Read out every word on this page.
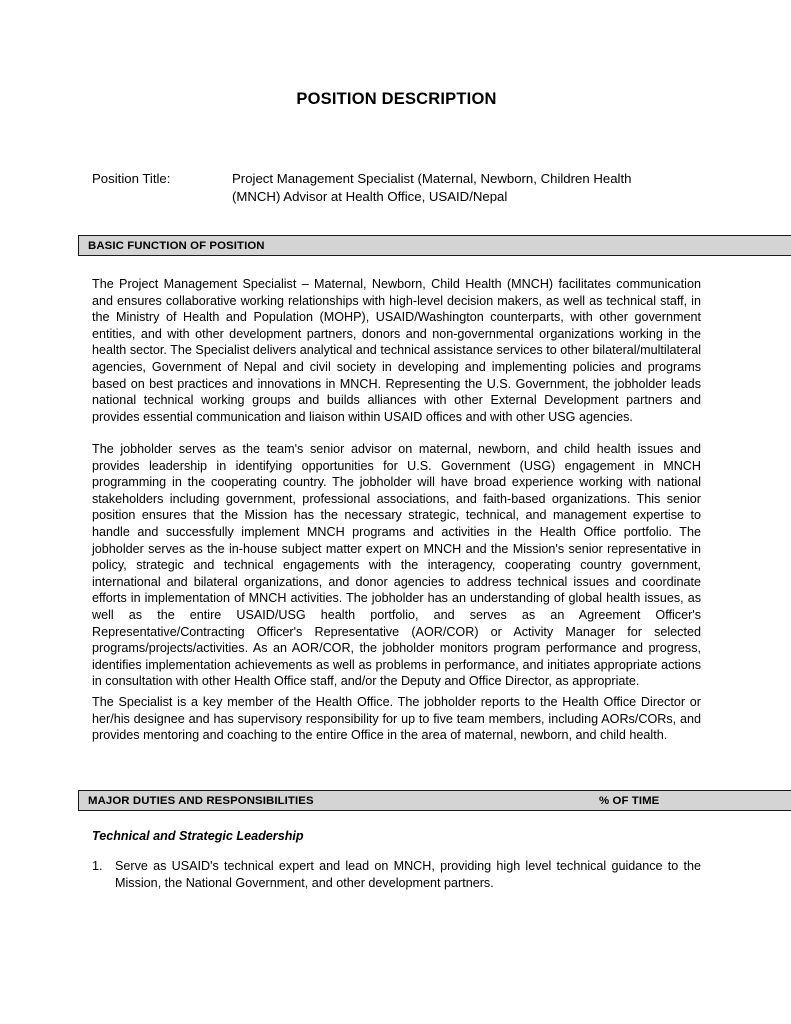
POSITION DESCRIPTION
Position Title:	Project Management Specialist (Maternal, Newborn, Children Health
(MNCH) Advisor at Health Office, USAID/Nepal
BASIC FUNCTION OF POSITION
The Project Management Specialist – Maternal, Newborn, Child Health (MNCH) facilitates communication and ensures collaborative working relationships with high-level decision makers, as well as technical staff, in the Ministry of Health and Population (MOHP), USAID/Washington counterparts, with other government entities, and with other development partners, donors and non-governmental organizations working in the health sector. The Specialist delivers analytical and technical assistance services to other bilateral/multilateral agencies, Government of Nepal and civil society in developing and implementing policies and programs based on best practices and innovations in MNCH. Representing the U.S. Government, the jobholder leads national technical working groups and builds alliances with other External Development partners and provides essential communication and liaison within USAID offices and with other USG agencies.
The jobholder serves as the team's senior advisor on maternal, newborn, and child health issues and provides leadership in identifying opportunities for U.S. Government (USG) engagement in MNCH programming in the cooperating country. The jobholder will have broad experience working with national stakeholders including government, professional associations, and faith-based organizations. This senior position ensures that the Mission has the necessary strategic, technical, and management expertise to handle and successfully implement MNCH programs and activities in the Health Office portfolio. The jobholder serves as the in-house subject matter expert on MNCH and the Mission's senior representative in policy, strategic and technical engagements with the interagency, cooperating country government, international and bilateral organizations, and donor agencies to address technical issues and coordinate efforts in implementation of MNCH activities. The jobholder has an understanding of global health issues, as well as the entire USAID/USG health portfolio, and serves as an Agreement Officer's Representative/Contracting Officer's Representative (AOR/COR) or Activity Manager for selected programs/projects/activities. As an AOR/COR, the jobholder monitors program performance and progress, identifies implementation achievements as well as problems in performance, and initiates appropriate actions in consultation with other Health Office staff, and/or the Deputy and Office Director, as appropriate.
The Specialist is a key member of the Health Office. The jobholder reports to the Health Office Director or her/his designee and has supervisory responsibility for up to five team members, including AORs/CORs, and provides mentoring and coaching to the entire Office in the area of maternal, newborn, and child health.
MAJOR DUTIES AND RESPONSIBILITIES	% OF TIME
Technical and Strategic Leadership
1. Serve as USAID's technical expert and lead on MNCH, providing high level technical guidance to the Mission, the National Government, and other development partners.
